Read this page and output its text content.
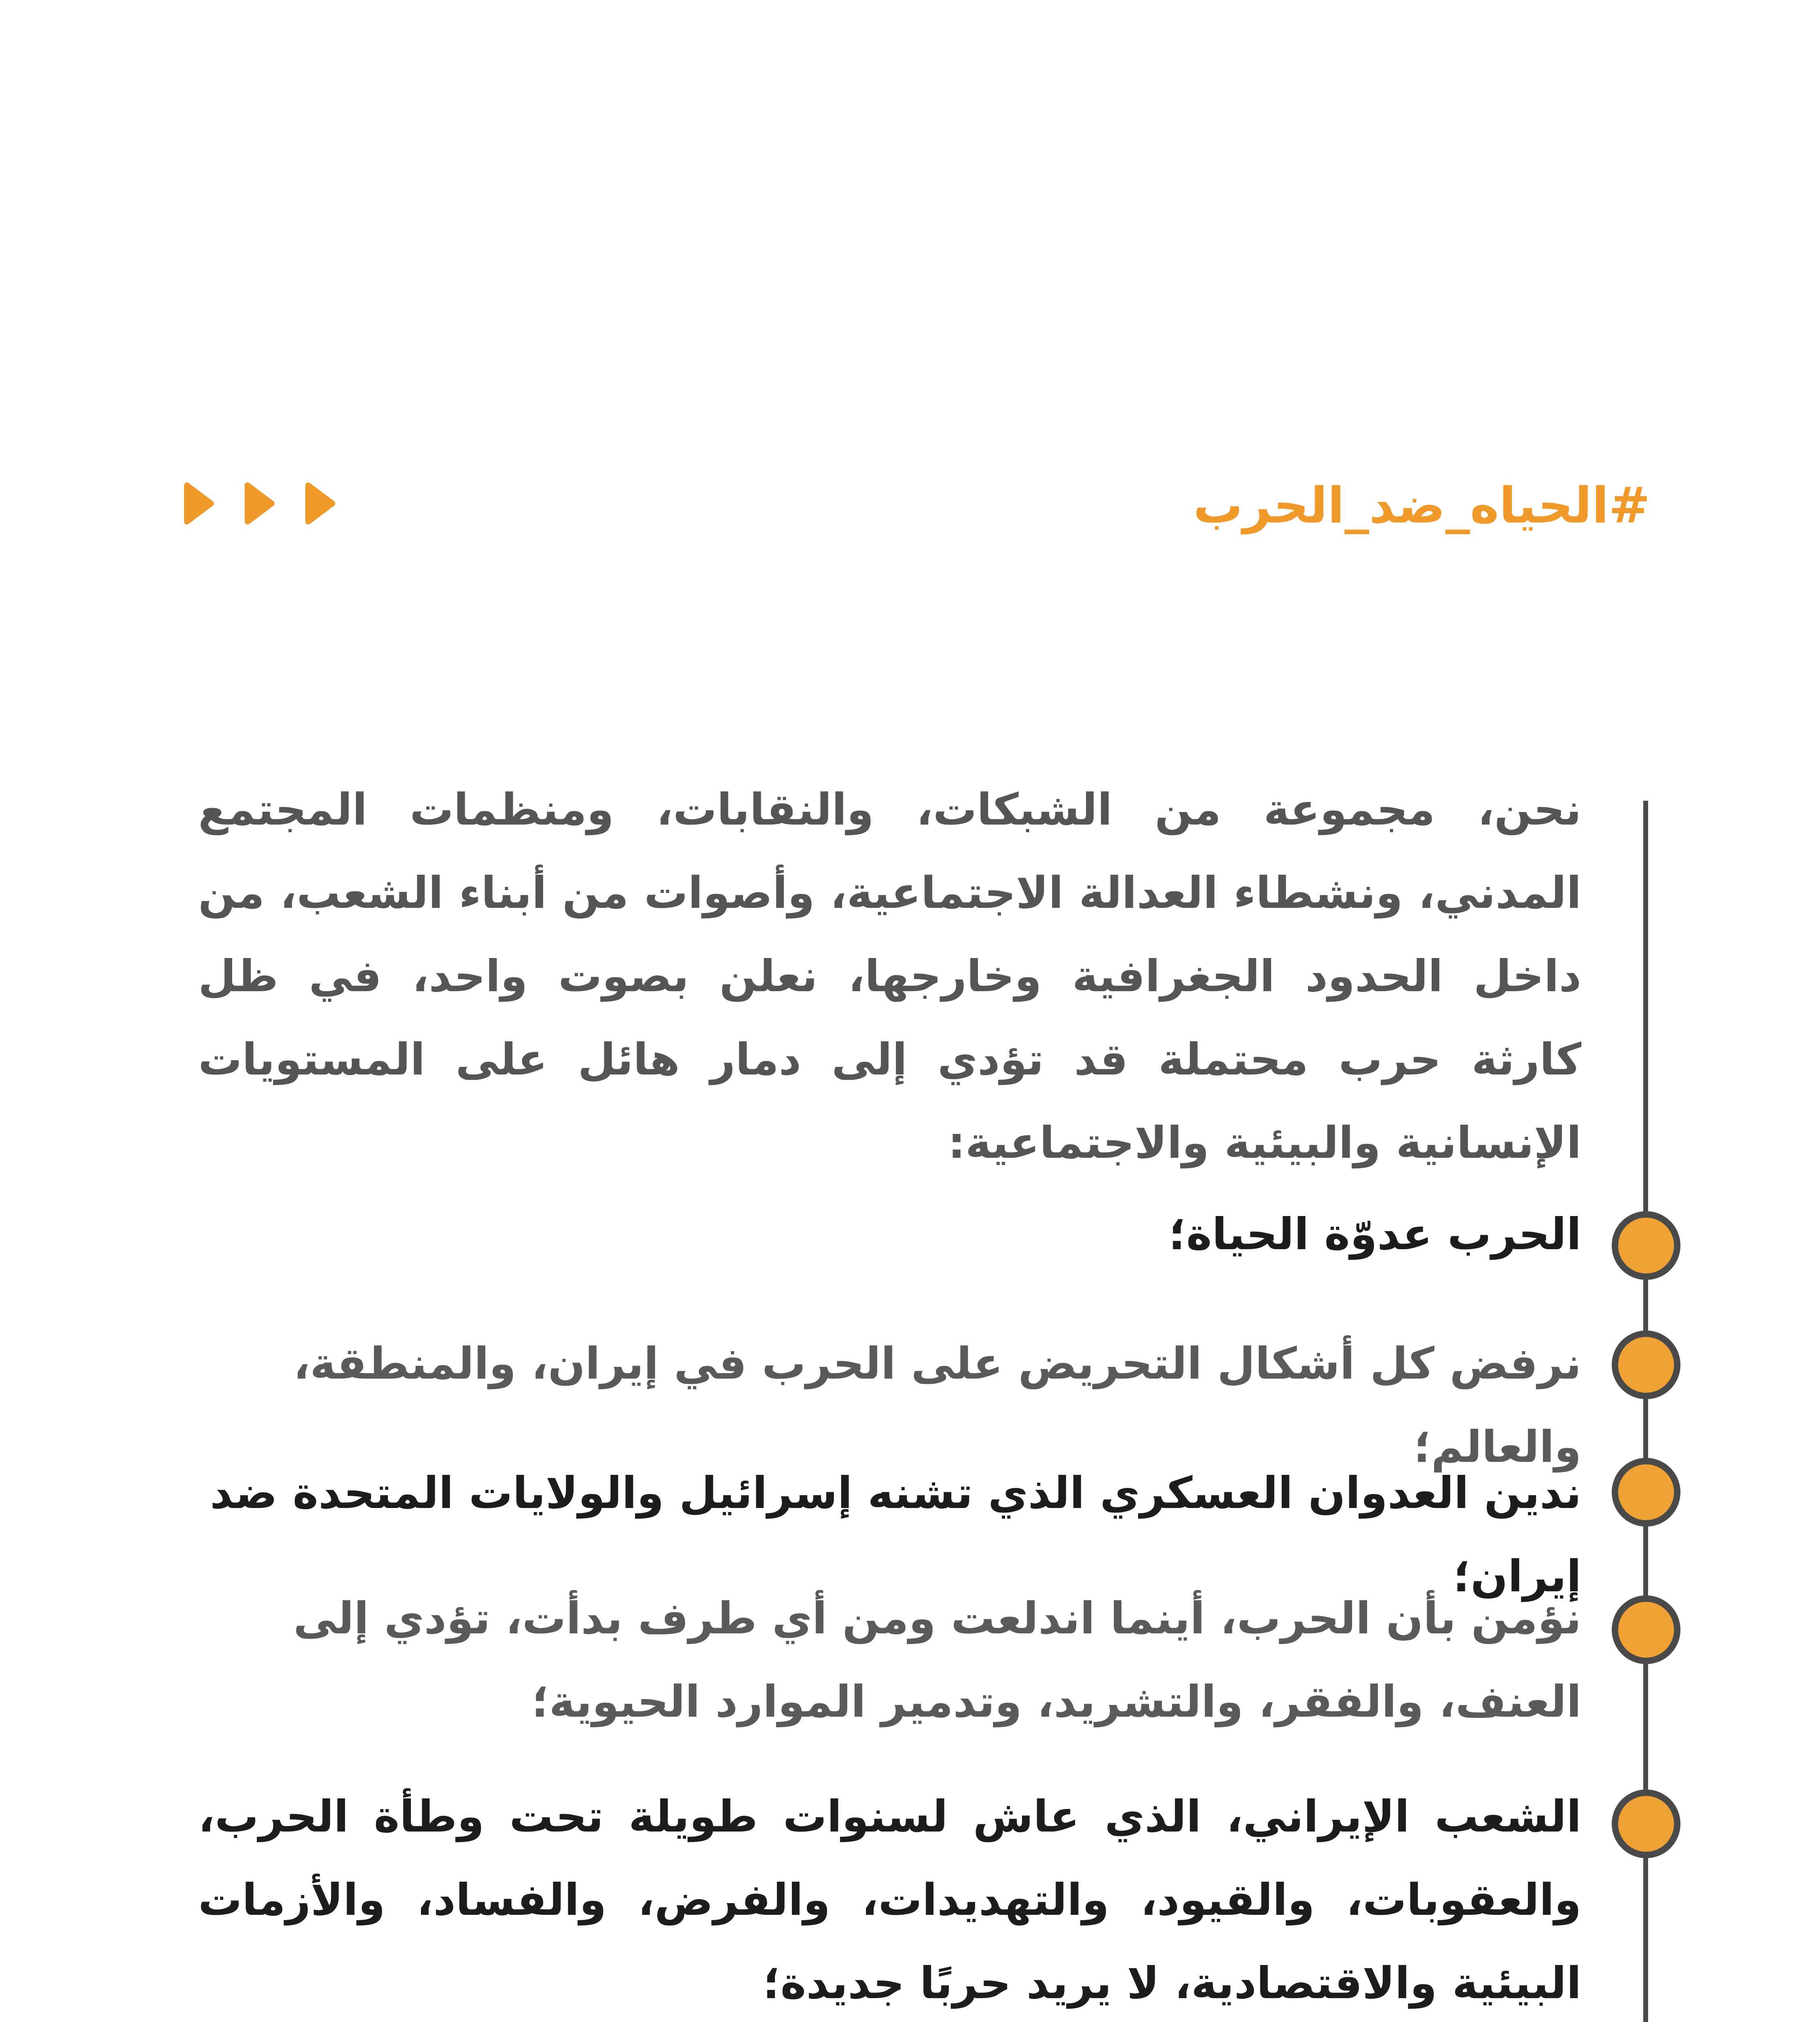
#الحياه_ضد_الحرب
نحن، مجموعة من الشبكات، والنقابات، ومنظمات المجتمع المدني، ونشطاء العدالة الاجتماعية، وأصوات من أبناء الشعب، من داخل الحدود الجغرافية وخارجها، نعلن بصوت واحد، في ظل كارثة حرب محتملة قد تؤدي إلى دمار هائل على المستويات الإنسانية والبيئية والاجتماعية:
الحرب عدوّة الحياة؛
نرفض كل أشكال التحريض على الحرب في إيران، والمنطقة، والعالم؛
ندين العدوان العسكري الذي تشنه إسرائيل والولايات المتحدة ضد إيران؛
نؤمن بأن الحرب، أينما اندلعت ومن أي طرف بدأت، تؤدي إلى العنف، والفقر، والتشريد، وتدمير الموارد الحيوية؛
الشعب الإيراني، الذي عاش لسنوات طويلة تحت وطأة الحرب، والعقوبات، والقيود، والتهديدات، والفرض، والفساد، والأزمات البيئية والاقتصادية، لا يريد حربًا جديدة؛
